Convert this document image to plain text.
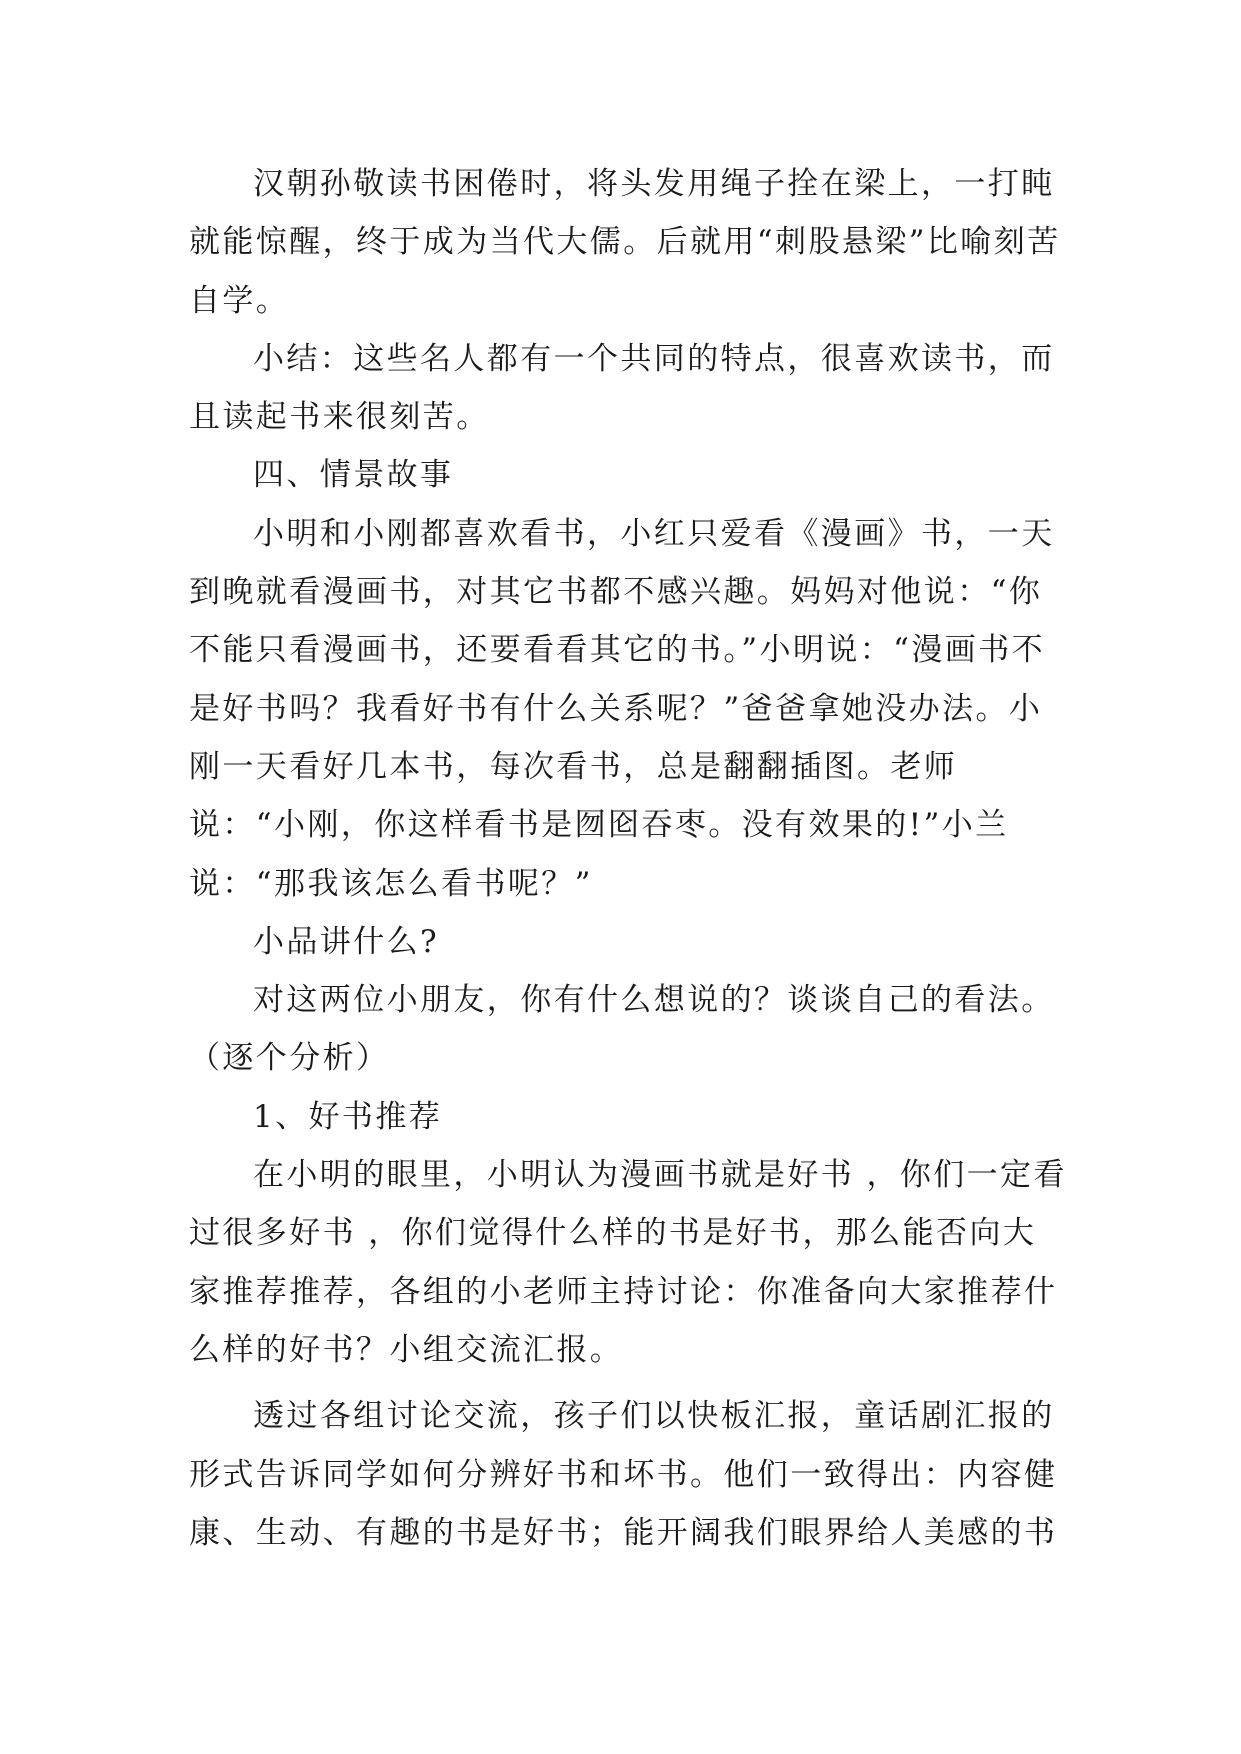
汉朝孙敬读书困倦时，将头发用绳子拴在梁上，一打盹就能惊醒，终于成为当代大儒。后就用“刺股悬梁”比喻刻苦自学。

小结：这些名人都有一个共同的特点，很喜欢读书，而且读起书来很刻苦。

四、情景故事

小明和小刚都喜欢看书，小红只爱看《漫画》书，一天到晚就看漫画书，对其它书都不感兴趣。妈妈对他说：“你不能只看漫画书，还要看看其它的书。”小明说：“漫画书不是好书吗？我看好书有什么关系呢？”爸爸拿她没办法。小刚一天看好几本书，每次看书，总是翻翻插图。老师说：“小刚，你这样看书是囫囵吞枣。没有效果的!”小兰说：“那我该怎么看书呢？”

小品讲什么?

对这两位小朋友，你有什么想说的？谈谈自己的看法。

（逐个分析）

1、好书推荐

在小明的眼里，小明认为漫画书就是好书 ，你们一定看过很多好书 ，你们觉得什么样的书是好书，那么能否向大家推荐推荐，各组的小老师主持讨论：你准备向大家推荐什么样的好书？小组交流汇报。

透过各组讨论交流，孩子们以快板汇报，童话剧汇报的形式告诉同学如何分辨好书和坏书。他们一致得出：内容健康、生动、有趣的书是好书；能开阔我们眼界给人美感的书
